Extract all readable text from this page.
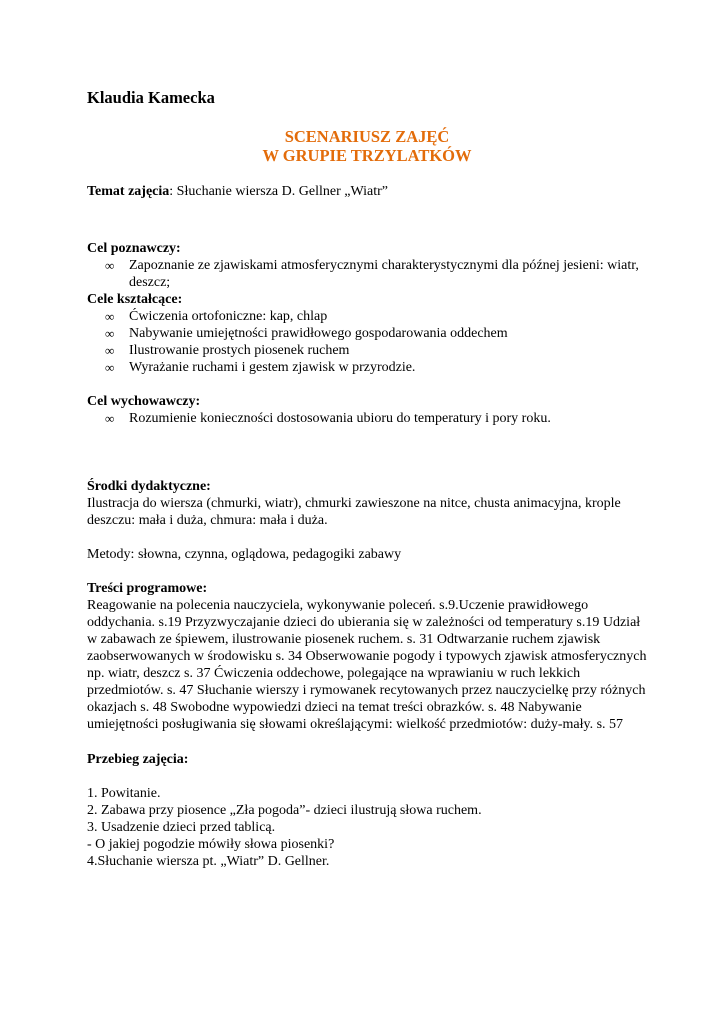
Klaudia Kamecka
SCENARIUSZ ZAJĘĆ
W GRUPIE TRZYLATKÓW

Temat zajęcia: Słuchanie wiersza D. Gellner „Wiatr”

Cel poznawczy:

∞ Zapoznanie ze zjawiskami atmosferycznymi charakterystycznymi dla późnej jesieni: wiatr, deszcz;

Cele kształcące:

∞ Ćwiczenia ortofoniczne: kap, chlap
∞ Nabywanie umiejętności prawidłowego gospodarowania oddechem
∞ Ilustrowanie prostych piosenek ruchem
∞ Wyrażanie ruchami i gestem zjawisk w przyrodzie.

Cel wychowawczy:

∞ Rozumienie konieczności dostosowania ubioru do temperatury i pory roku.

Środki dydaktyczne:

Ilustracja do wiersza (chmurki, wiatr), chmurki zawieszone na nitce, chusta animacyjna, krople deszczu: mała i duża, chmura: mała i duża.

Metody: słowna, czynna, oglądowa, pedagogiki zabawy

Treści programowe:

Reagowanie na polecenia nauczyciela, wykonywanie poleceń. s.9.Uczenie prawidłowego oddychania. s.19 Przyzwyczajanie dzieci do ubierania się w zależności od temperatury s.19 Udział w zabawach ze śpiewem, ilustrowanie piosenek ruchem. s. 31 Odtwarzanie ruchem zjawisk zaobserwowanych w środowisku s. 34 Obserwowanie pogody i typowych zjawisk atmosferycznych np. wiatr, deszcz s. 37 Ćwiczenia oddechowe, polegające na wprawianiu w ruch lekkich przedmiotów. s. 47 Słuchanie wierszy i rymowanek recytowanych przez nauczycielkę przy różnych okazjach s. 48 Swobodne wypowiedzi dzieci na temat treści obrazków. s. 48 Nabywanie umiejętności posługiwania się słowami określającymi: wielkość przedmiotów: duży-mały. s. 57

Przebieg zajęcia:

1. Powitanie.

2. Zabawa przy piosence „Zła pogoda”- dzieci ilustrują słowa ruchem.

3. Usadzenie dzieci przed tablicą.

- O jakiej pogodzie mówiły słowa piosenki?

4.Słuchanie wiersza pt. „Wiatr” D. Gellner.
